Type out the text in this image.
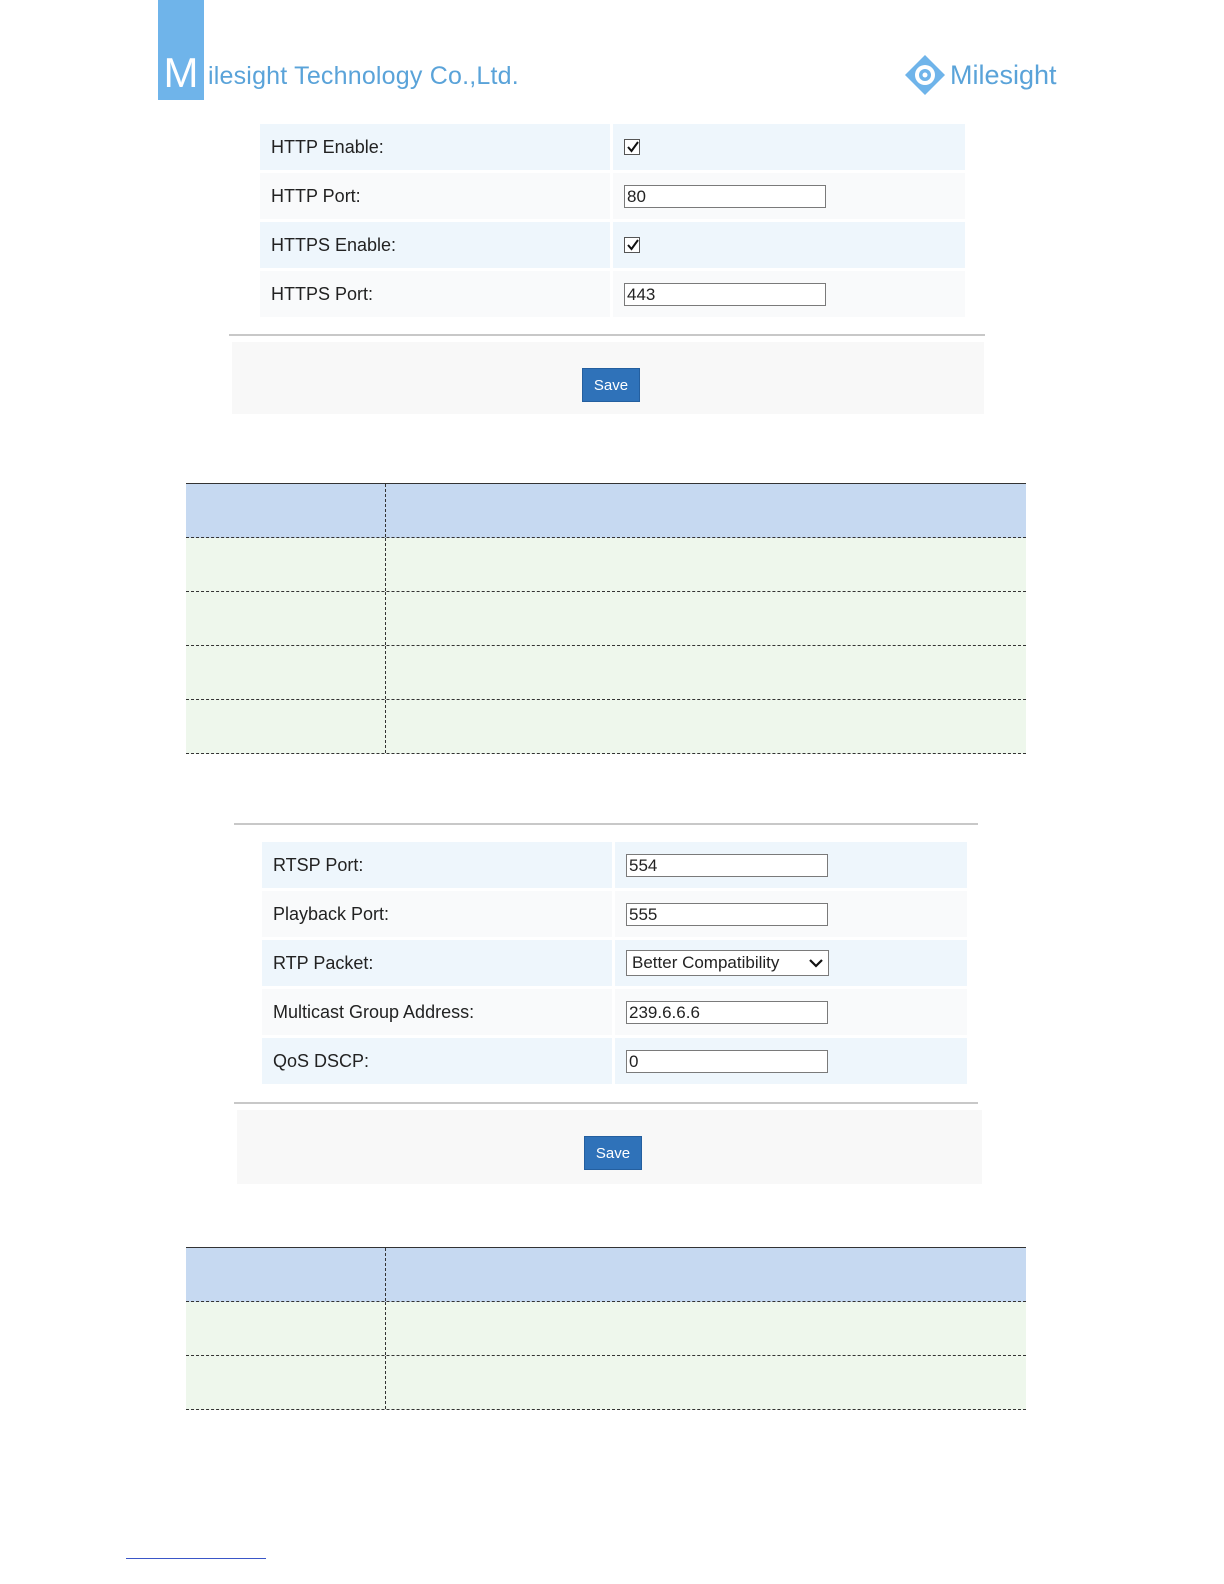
M ilesight Technology Co.,Ltd.	Milesight
HTTP Enable:
HTTP Port:	80
HTTPS Enable:
HTTPS Port:	443
Save
RTSP Port:	554
Playback Port:	555
RTP Packet:	Better Compatibility
Multicast Group Address:	239.6.6.6
QoS DSCP:	0
Save
